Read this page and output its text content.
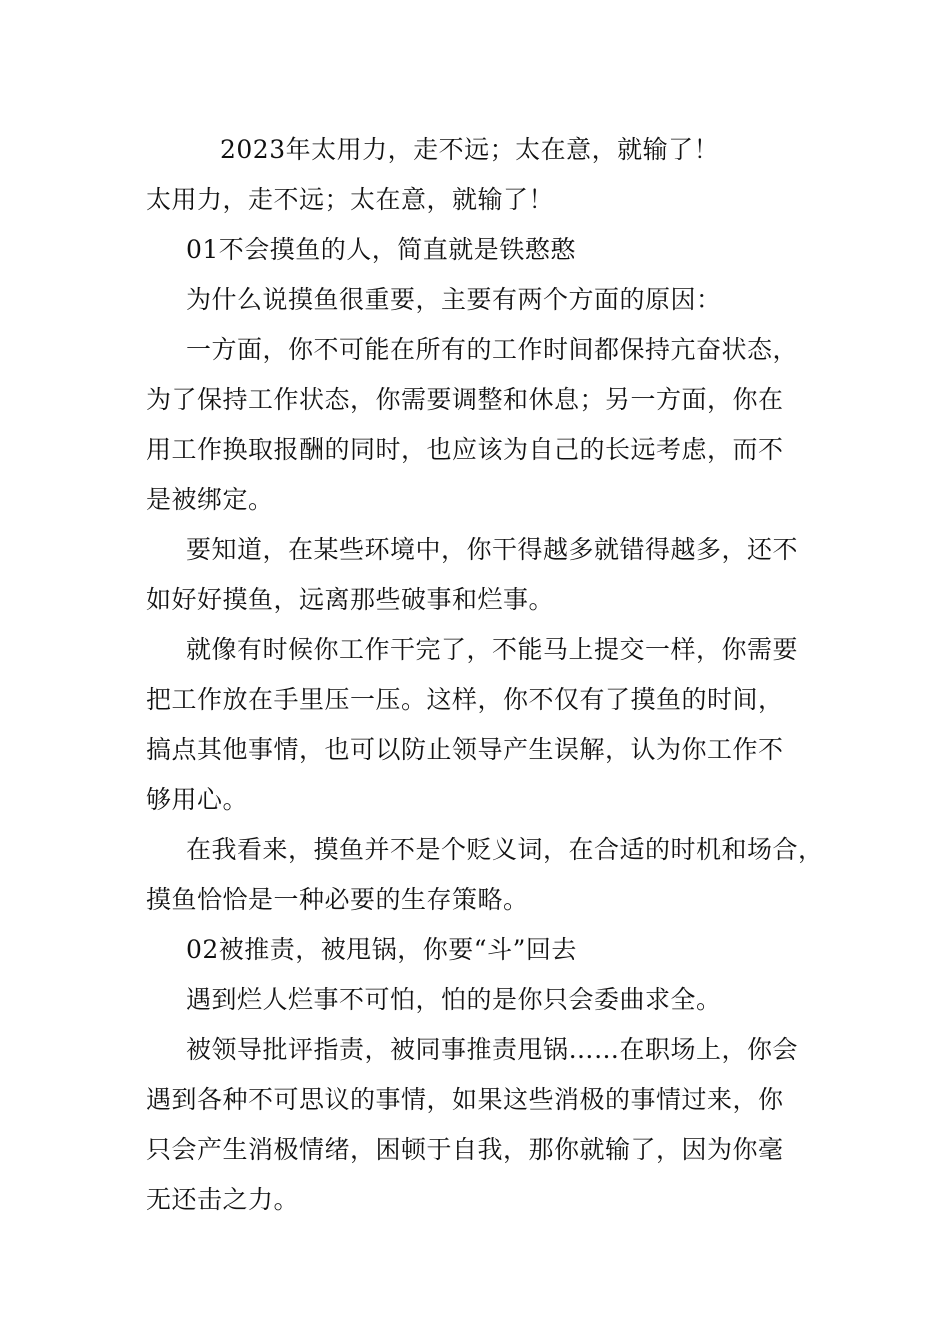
2023年太用力，走不远；太在意，就输了！
太用力，走不远；太在意，就输了！
01不会摸鱼的人，简直就是铁憨憨
为什么说摸鱼很重要，主要有两个方面的原因：
一方面，你不可能在所有的工作时间都保持亢奋状态，
为了保持工作状态，你需要调整和休息；另一方面，你在
用工作换取报酬的同时，也应该为自己的长远考虑，而不
是被绑定。
要知道，在某些环境中，你干得越多就错得越多，还不
如好好摸鱼，远离那些破事和烂事。
就像有时候你工作干完了，不能马上提交一样，你需要
把工作放在手里压一压。这样，你不仅有了摸鱼的时间，
搞点其他事情，也可以防止领导产生误解，认为你工作不
够用心。
在我看来，摸鱼并不是个贬义词，在合适的时机和场合，
摸鱼恰恰是一种必要的生存策略。
02被推责，被甩锅，你要“斗”回去
遇到烂人烂事不可怕，怕的是你只会委曲求全。
被领导批评指责，被同事推责甩锅……在职场上，你会
遇到各种不可思议的事情，如果这些消极的事情过来，你
只会产生消极情绪，困顿于自我，那你就输了，因为你毫
无还击之力。
